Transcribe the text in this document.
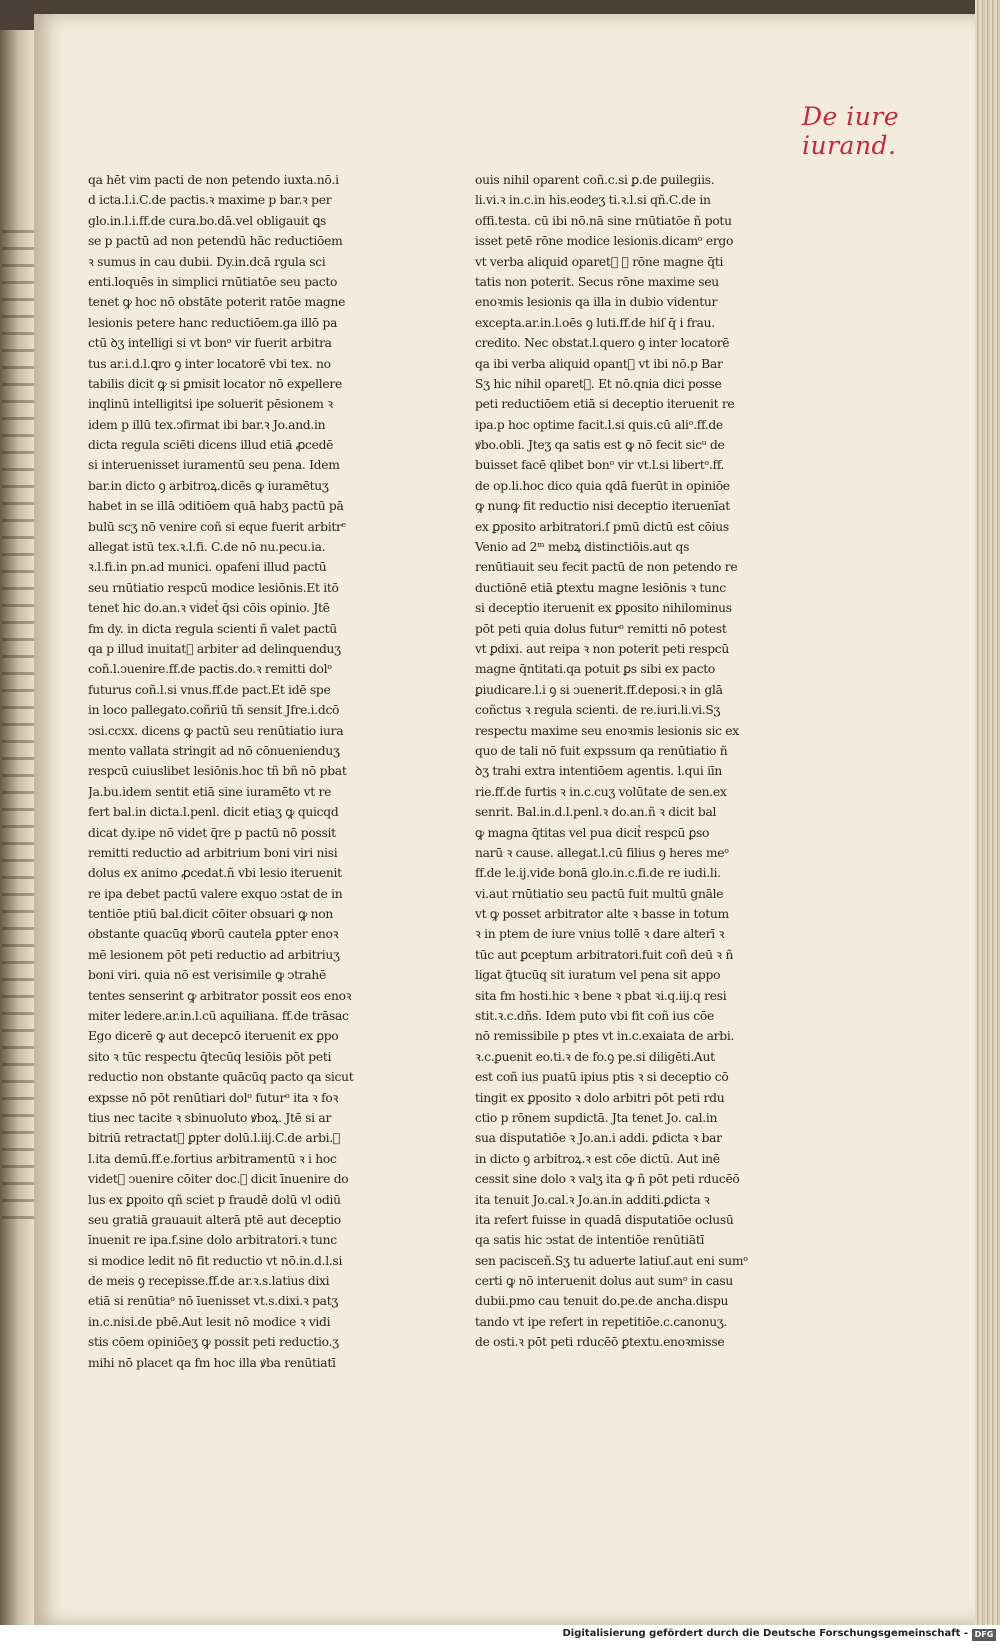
De iure iurand.
qa hēt vim pacti de non petendo iuxta.nō.i
d icta.l.i.C.de pactis.ꝛ maxime p bar.ꝛ per
glo.in.l.i.ff.de cura.bo.dā.vel obligauit ꝗs
se p pactū ad non petendū hāc reductiōem
ꝛ sumus in cau dubii. Dy.in.dcā rgula sci
enti.loquēs in simplici rnūtiatōe seu pacto
tenet ꝙ hoc nō obstāte poterit ratōe magne
lesionis petere hanc reductiōem.ga illō pa
ctū ꝺʒ intelligi si vt bonᵒ vir fuerit arbitra
tus ar.i.d.l.ꝗro ꝯ inter locatorē vbi tex. no
tabilis dicit ꝙ si ꝑmisit locator nō expellere
inqlinū intelligitsi ipe soluerit pēsionem ꝛ
idem p illū tex.ↄfirmat ibi bar.ꝛ Jo.and.in
dicta regula sciēti dicens illud etiā ꝓcedē
si interuenisset iuramentū seu pena. Idem
bar.in dicto ꝯ arbitroꝝ.dicēs ꝙ iuramētuʒ
habet in se illā ↄditiōem quā habʒ pactū pā
bulū scʒ nō venire coñ si eque fuerit arbitrᵉ
allegat istū tex.ꝛ.l.fi. C.de nō nu.pecu.ia.
ꝛ.l.fi.in pn.ad munici. opafeni illud pactū
seu rnūtiatio respcū modice lesiōnis.Et itō
tenet hic do.an.ꝛ videtᷣ q̄si cōis opinio. Jtē
fm dy. in dicta regula scienti ñ valet pactū
qa p illud inuitatᷣ arbiter ad delinquenduʒ
coñ.l.ↄuenire.ff.de pactis.do.ꝛ remitti dolᵒ
futurus coñ.l.si vnus.ff.de pact.Et idē spe
in loco pallegato.coñriū tñ sensit Jfre.i.dcō
ↄsi.ccxx. dicens ꝙ pactū seu renūtiatio iura
mento vallata stringit ad nō cōnuenienduʒ
respcū cuiuslibet lesiōnis.hoc tñ bñ nō pbat
Ja.bu.idem sentit etiā sine iuramēto vt re
fert bal.in dicta.l.penl. dicit etiaʒ ꝙ quicqd
dicat dy.ipe nō videt q̄re p pactū nō possit
remitti reductio ad arbitrium boni viri nisi
dolus ex animo ꝓcedat.ñ vbi lesio iteruenit
re ipa debet pactū valere exquo ↄstat de in
tentiōe ptiū bal.dicit cōiter obsuari ꝙ non
obstante quacūq ꝟborū cautela ꝑpter enoꝛ
mē lesionem pōt peti reductio ad arbitriuʒ
boni viri. quia nō est verisimile ꝙ ↄtrahē
tentes senserint ꝙ arbitrator possit eos enoꝛ
miter ledere.ar.in.l.cū aquiliana. ff.de trāsac
Ego dicerē ꝙ aut decepcō iteruenit ex ꝑpo
sito ꝛ tūc respectu q̄tecūq lesiōis pōt peti
reductio non obstante quācūq pacto qa sicut
expsse nō pōt renūtiari dolᵒ futurᵒ ita ꝛ foꝛ
tius nec tacite ꝛ sbinuoluto ꝟboꝝ. Jtē si ar
bitriū retractatᷣ ꝑpter dolū.l.iij.C.de arbi.ꝛ
l.ita demū.ff.e.fortius arbitramentū ꝛ i hoc
videtᷣ ↄuenire cōiter doc.ꝛ dicit īnuenire do
lus ex ꝑpoito qñ sciet p fraudē dolū vl odiū
seu gratiā grauauit alterā ptē aut deceptio
īnuenit re ipa.f.sine dolo arbitratori.ꝛ tunc
si modice ledit nō fit reductio vt nō.in.d.l.si
de meis ꝯ recepisse.ff.de ar.ꝛ.s.latius dixi
etiā si renūtiaᵒ nō īuenisset vt.s.dixi.ꝛ patʒ
in.c.nisi.de pbē.Aut lesit nō modice ꝛ vidi
stis cōem opiniōeʒ ꝙ possit peti reductio.ʒ
mihi nō placet qa fm hoc illa ꝟba renūtiatī
ouis nihil oparent coñ.c.si ꝑ.de ꝑuilegiis.
li.vi.ꝛ in.c.in his.eodeʒ ti.ꝛ.l.si qñ.C.de in
offi.testa. cū ibi nō.nā sine rnūtiatōe ñ potu
isset petē rōne modice lesionis.dicamᵒ ergo
vt verba aliquid oparetᷣ ꝙ rōne magne q̄ti
tatis non poterit. Secus rōne maxime seu
enoꝛmis lesionis qa illa in dubio videntur
excepta.ar.in.l.oēs ꝯ luti.ff.de hiſ q̄ i frau.
credito. Nec obstat.l.quero ꝯ inter locatorē
qa ibi verba aliquid opantᷣ vt ibi nō.p Bar
Sʒ hic nihil oparetᷣ. Et nō.qnia dici posse
peti reductiōem etiā si deceptio iteruenit re
ipa.p hoc optime facit.l.si quis.cū aliᵒ.ff.de
ꝟbo.obli. Jteʒ qa satis est ꝙ nō fecit sicᵘ de
buisset facē qlibet bonᵒ vir vt.l.si libertᵒ.ff.
de op.li.hoc dico quia qdā fuerūt in opiniōe
ꝙ nunꝙ fit reductio nisi deceptio iteruenīat
ex ꝑposito arbitratori.ſ pmū dictū est cōius
Venio ad 2ᵐ mebꝝ distinctiōis.aut qs
renūtiauit seu fecit pactū de non petendo re
ductiōnē etiā ꝑtextu magne lesiōnis ꝛ tunc
si deceptio iteruenit ex ꝑposito nihilominus
pōt peti quia dolus futurᵒ remitti nō potest
vt ꝑdixi. aut reipa ꝛ non poterit peti respcū
magne q̄ntitati.qa potuit ꝑs sibi ex pacto
ꝑiudicare.l.i ꝯ si ↄuenerit.ff.deposi.ꝛ in glā
coñctus ꝛ regula scienti. de re.iuri.li.vi.Sʒ
respectu maxime seu enoꝛmis lesionis sic ex
quo de tali nō fuit expssum qa renūtiatio ñ
ꝺʒ trahi extra intentiōem agentis. l.qui iīn
rie.ff.de furtis ꝛ in.c.cuʒ volūtate de sen.ex
senrit. Bal.in.d.l.penl.ꝛ do.an.ñ ꝛ dicit bal
ꝙ magna q̄titas vel pua dicitᷣ respcū ꝑso
narū ꝛ cause. allegat.l.cū filius ꝯ heres meᵒ
ff.de le.ij.vide bonā glo.in.c.fi.de re iudi.li.
vi.aut rnūtiatio seu pactū fuit multū gnāle
vt ꝙ posset arbitrator alte ꝛ basse in totum
ꝛ in ptem de iure vnius tollē ꝛ dare alterī ꝛ
tūc aut ꝑceptum arbitratori.fuit coñ deū ꝛ ñ
ligat q̄tucūq sit iuratum vel pena sit appo
sita fm hosti.hic ꝛ bene ꝛ pbat ꝛi.q.iij.q resi
stit.ꝛ.c.dñs. Idem puto vbi fit coñ ius cōe
nō remissibile p ptes vt in.c.exaiata de arbi.
ꝛ.c.ꝑuenit eo.ti.ꝛ de fo.ꝯ pe.si diligēti.Aut
est coñ ius puatū ipius ptis ꝛ si deceptio cō
tingit ex ꝑposito ꝛ dolo arbitri pōt peti rdu
ctio p rōnem supdictā. Jta tenet Jo. cal.in
sua disputatiōe ꝛ Jo.an.i addi. ꝑdicta ꝛ bar
in dicto ꝯ arbitroꝝ.ꝛ est cōe dictū. Aut inē
cessit sine dolo ꝛ valʒ ita ꝙ ñ pōt peti rducēō
ita tenuit Jo.cal.ꝛ Jo.an.in additi.ꝑdicta ꝛ
ita refert fuisse in quadā disputatiōe oclusū
qa satis hic ↄstat de intentiōe renūtiātī
sen pacisceñ.Sʒ tu aduerte latiuſ.aut eni sumᵒ
certi ꝙ nō interuenit dolus aut sumᵒ in casu
dubii.pmo cau tenuit do.pe.de ancha.dispu
tando vt ipe refert in repetitiōe.c.canonuʒ.
de osti.ꝛ pōt peti rducēō ꝑtextu.enoꝛmisse
Digitalisierung gefördert durch die Deutsche Forschungsgemeinschaft - DFG
